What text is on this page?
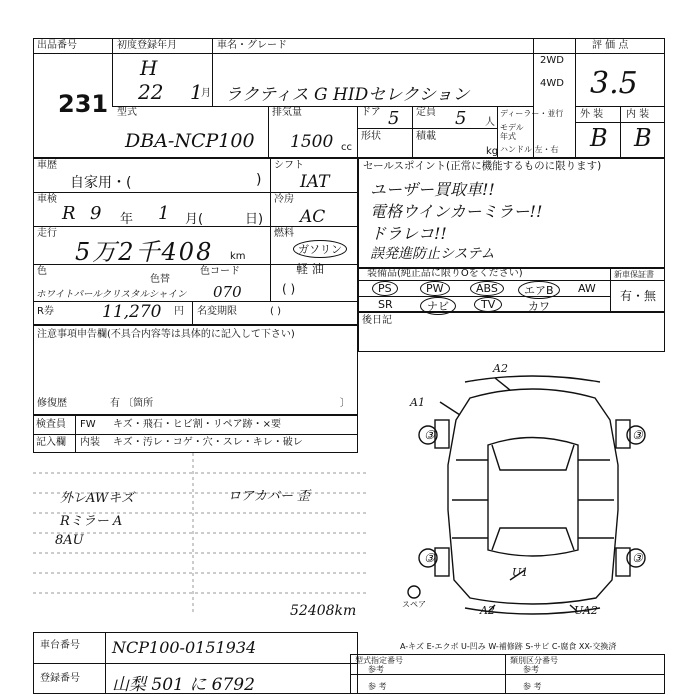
出品番号
231
初度登録年月
H
22 1
月
車名・グレード
ラクティス G HIDセレクション
2WD
4WD
評 価 点
3.5
外 装 内 装
B B
型式
DBA-NCP100
排気量
1500 cc
ドア 5 定員 5 人
形状	積載
kg
ディーラー・並行
モデル年式
ハンドル 左・右
車歴
自家用・(	)
シフト
IAT
車検
R 9 年 1 月(	日)
冷房
AC
走行
5万2千408 km
燃料
ガソリン
軽 油
( )
色
色替
色コード
ホワイトパールクリスタルシャイン 070
R券	11,270 円 名変期限	( )
セールスポイント(正常に機能するものに限ります)
ユーザー買取車!!
電格ウインカーミラー!!
ドラレコ!!
誤発進防止システム
装備品(純正品に限りOをください)	新車保証書
有・無
PS	PW	ABS	エアB	AW
SR	ナビ	TV	カワ
後日記
注意事項申告欄(不具合内容等は具体的に記入して下さい)
修復歴	有 〔箇所	〕
検査員
記入欄
FW キズ・飛石・ヒビ割・リペア跡・×要
内装 キズ・汚レ・コゲ・穴・スレ・キレ・破レ
外レAWキズ	ロアカバー 歪
Rミラー A
8AU
52408km
A2
A1
③	③
③	③
U1
A2	UA2
スペア
車台番号 NCP100-0151934
登録番号 山梨 501 に 6792
A-キズ E-エクボ U-凹み W-補修跡 S-サビ C-腐食 XX-交換済
型式指定番号
参考
類別区分番号
参考
参 考	参 考
